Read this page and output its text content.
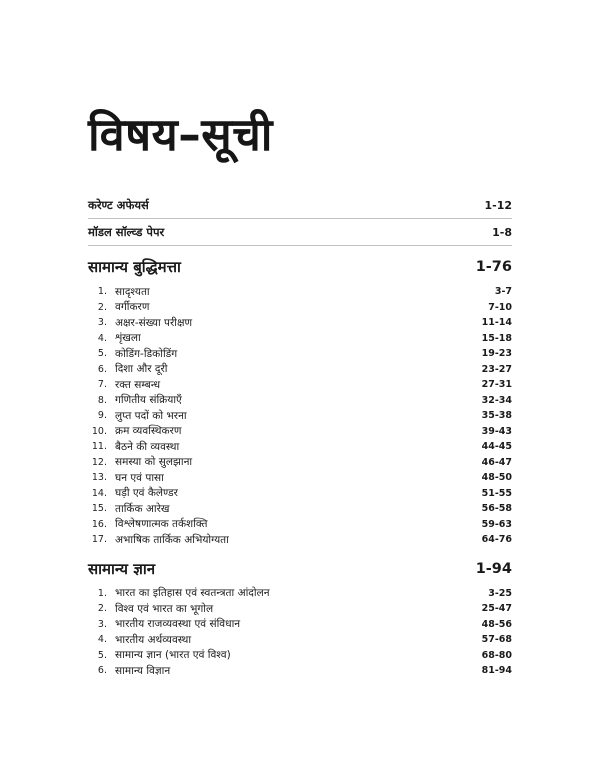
विषय–सूची
करेण्ट अफेयर्स	1-12
मॉडल सॉल्व्ड पेपर	1-8
सामान्य बुद्धिमत्ता	1-76
1. सादृश्यता	3-7
2. वर्गीकरण	7-10
3. अक्षर-संख्या परीक्षण	11-14
4. शृंखला	15-18
5. कोडिंग-डिकोडिंग	19-23
6. दिशा और दूरी	23-27
7. रक्त सम्बन्ध	27-31
8. गणितीय संक्रियाएँ	32-34
9. लुप्त पदों को भरना	35-38
10. क्रम व्यवस्थिकरण	39-43
11. बैठने की व्यवस्था	44-45
12. समस्या को सुलझाना	46-47
13. घन एवं पासा	48-50
14. घड़ी एवं कैलेण्डर	51-55
15. तार्किक आरेख	56-58
16. विश्लेषणात्मक तर्कशक्ति	59-63
17. अभाषिक तार्किक अभियोग्यता	64-76
सामान्य ज्ञान	1-94
1. भारत का इतिहास एवं स्वतन्त्रता आंदोलन	3-25
2. विश्व एवं भारत का भूगोल	25-47
3. भारतीय राजव्यवस्था एवं संविधान	48-56
4. भारतीय अर्थव्यवस्था	57-68
5. सामान्य ज्ञान (भारत एवं विश्व)	68-80
6. सामान्य विज्ञान	81-94
